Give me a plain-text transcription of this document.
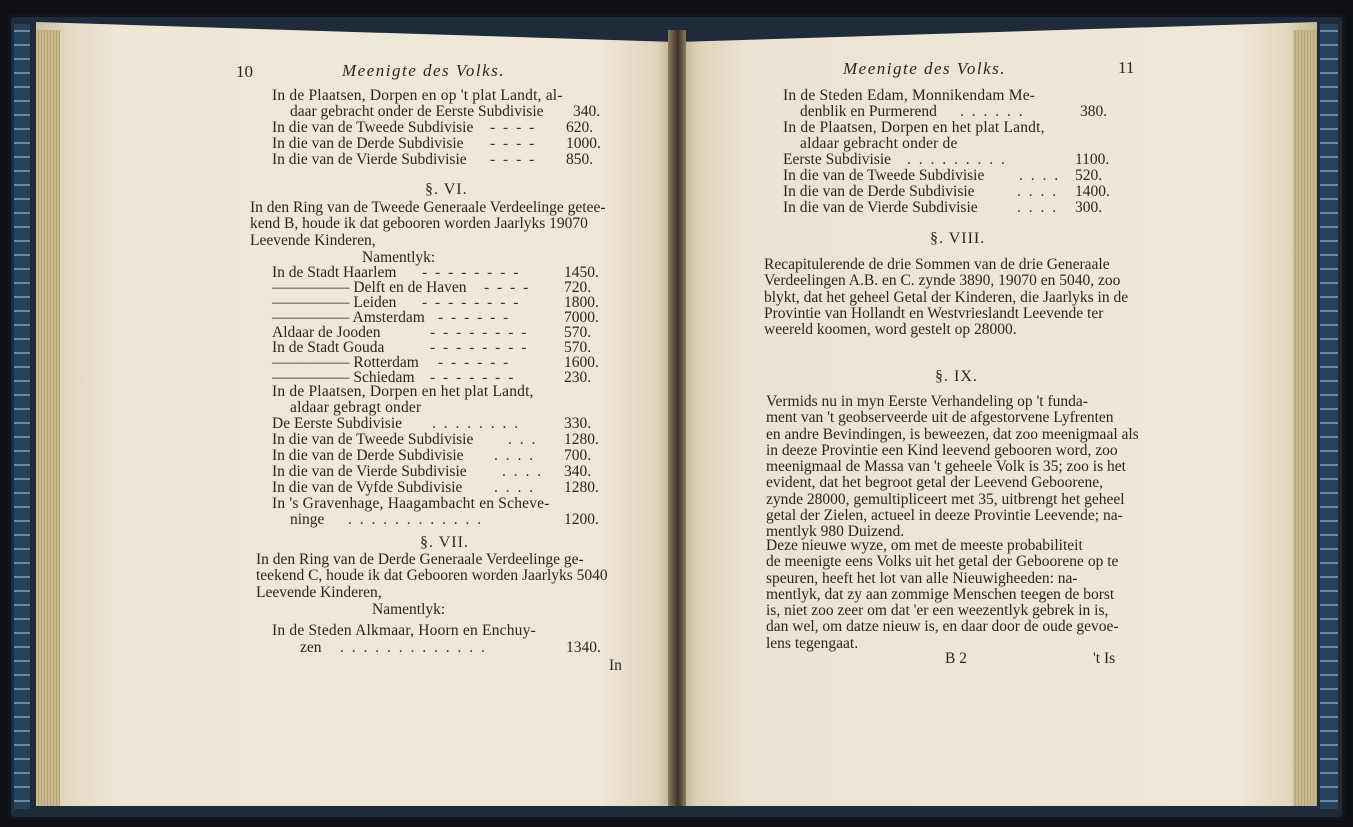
10	Meenigte des Volks.
In de Plaatsen, Dorpen en op 't plat Landt, al-
daar gebracht onder de Eerste Subdivisie 340.
In die van de Tweede Subdivisie - - - - 620.
In die van de Derde Subdivisie - - - - 1000.
In die van de Vierde Subdivisie - - - - 850.
§. VI.
In den Ring van de Tweede Generaale Verdeelinge getee-
kend B, houde ik dat gebooren worden Jaarlyks 19070
Leevende Kinderen,
Namentlyk:
In de Stadt Haarlem - - - - - - - -	1450.
————— Delft en de Haven - - - - 720.
————— Leiden - - - - - - - -	1800.
————— Amsterdam - - - - - -	7000.
Aldaar de Jooden	- - - - - - - - 570.
In de Stadt Gouda	- - - - - - - - 570.
————— Rotterdam - - - - - -	1600.
————— Schiedam - - - - - - -	230.
In de Plaatsen, Dorpen en het plat Landt,
aldaar gebragt onder
De Eerste Subdivisie . . . . . . . .	330.
In die van de Tweede Subdivisie . . . 1280.
In die van de Derde Subdivisie . . . . 700.
In die van de Vierde Subdivisie . . . . 340.
In die van de Vyfde Subdivisie . . . . 1280.
In 's Gravenhage, Haagambacht en Scheve-
ninge . . . . . . . . . . . .	1200.
§. VII.
In den Ring van de Derde Generaale Verdeelinge ge-
teekend C, houde ik dat Gebooren worden Jaarlyks 5040
Leevende Kinderen,
Namentlyk:
In de Steden Alkmaar, Hoorn en Enchuy-
zen . . . . . . . . . . . . .	1340.
In
Meenigte des Volks.	11
In de Steden Edam, Monnikendam Me-
denblik en Purmerend . . . . . .	380.
In de Plaatsen, Dorpen en het plat Landt,
aldaar gebracht onder de
Eerste Subdivisie . . . . . . . . .	1100.
In die van de Tweede Subdivisie . . . . 520.
In die van de Derde Subdivisie	. . . . 1400.
In die van de Vierde Subdivisie	. . . . 300.
§. VIII.
Recapitulerende de drie Sommen van de drie Generaale
Verdeelingen A.B. en C. zynde 3890, 19070 en 5040, zoo
blykt, dat het geheel Getal der Kinderen, die Jaarlyks in de
Provintie van Hollandt en Westvrieslandt Leevende ter
weereld koomen, word gestelt op 28000.
§. IX.
Vermids nu in myn Eerste Verhandeling op 't funda-
ment van 't geobserveerde uit de afgestorvene Lyfrenten
en andre Bevindingen, is beweezen, dat zoo meenigmaal als
in deeze Provintie een Kind leevend gebooren word, zoo
meenigmaal de Massa van 't geheele Volk is 35; zoo is het
evident, dat het begroot getal der Leevend Geboorene,
zynde 28000, gemultipliceert met 35, uitbrengt het geheel
getal der Zielen, actueel in deeze Provintie Leevende; na-
mentlyk 980 Duizend.
Deze nieuwe wyze, om met de meeste probabiliteit
de meenigte eens Volks uit het getal der Geboorene op te
speuren, heeft het lot van alle Nieuwigheeden: na-
mentlyk, dat zy aan zommige Menschen teegen de borst
is, niet zoo zeer om dat 'er een weezentlyk gebrek in is,
dan wel, om datze nieuw is, en daar door de oude gevoe-
lens tegengaat.
B 2	't Is
